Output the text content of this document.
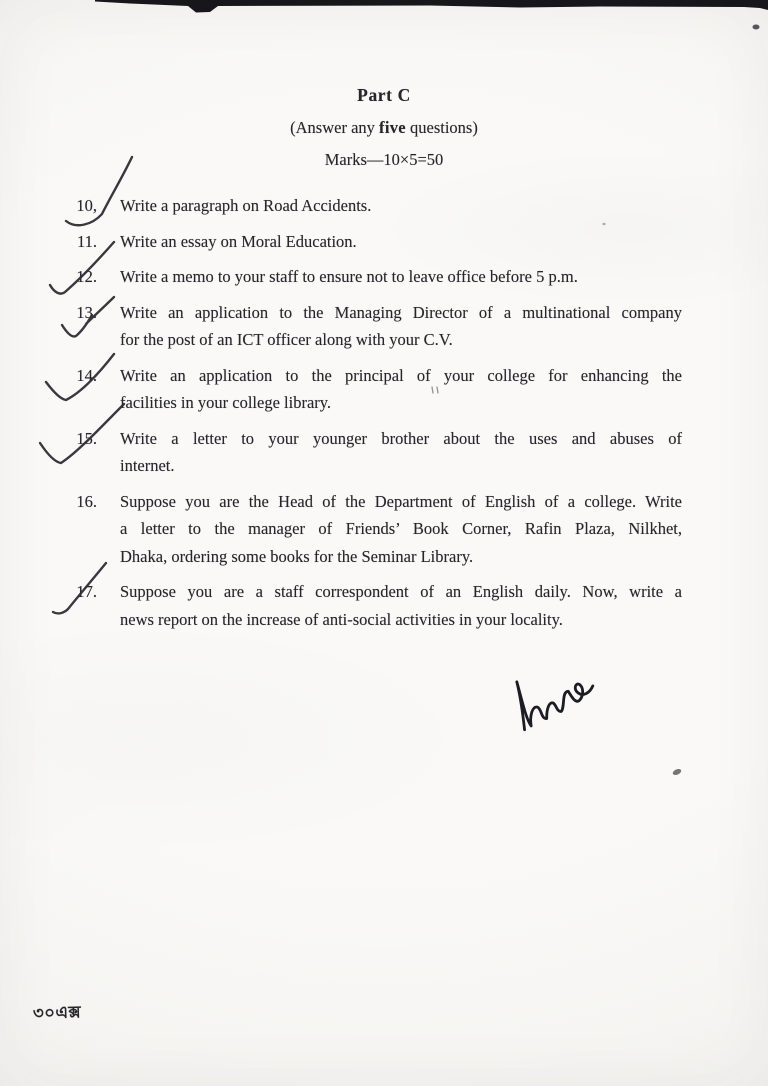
Part C
(Answer any five questions)
Marks—10×5=50
10, Write a paragraph on Road Accidents.
11. Write an essay on Moral Education.
12. Write a memo to your staff to ensure not to leave office before 5 p.m.
13. Write an application to the Managing Director of a multinational company
for the post of an ICT officer along with your C.V.
14. Write an application to the principal of your college for enhancing the
facilities in your college library.
15. Write a letter to your younger brother about the uses and abuses of
internet.
16. Suppose you are the Head of the Department of English of a college. Write
a letter to the manager of Friends’ Book Corner, Rafin Plaza, Nilkhet,
Dhaka, ordering some books for the Seminar Library.
17. Suppose you are a staff correspondent of an English daily. Now, write a
news report on the increase of anti-social activities in your locality.
৩০এক্স
